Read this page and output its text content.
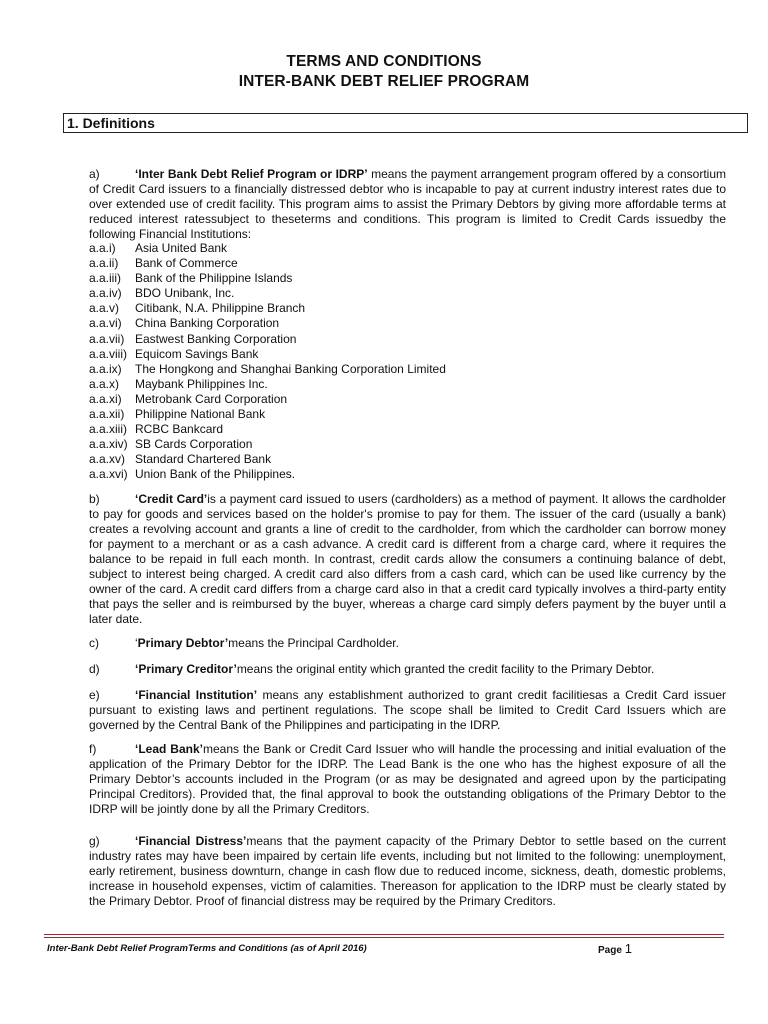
TERMS AND CONDITIONS
INTER-BANK DEBT RELIEF PROGRAM
1. Definitions

a)	‘Inter Bank Debt Relief Program or IDRP’ means the payment arrangement program offered by a consortium of Credit Card issuers to a financially distressed debtor who is incapable to pay at current industry interest rates due to over extended use of credit facility. This program aims to assist the Primary Debtors by giving more affordable terms at reduced interest ratessubject to theseterms and conditions. This program is limited to Credit Cards issuedby the following Financial Institutions:

a.a.i)	Asia United Bank
a.a.ii)	Bank of Commerce
a.a.iii)	Bank of the Philippine Islands
a.a.iv)	BDO Unibank, Inc.
a.a.v)	Citibank, N.A. Philippine Branch
a.a.vi)	China Banking Corporation
a.a.vii) Eastwest Banking Corporation
a.a.viii) Equicom Savings Bank
a.a.ix)	The Hongkong and Shanghai Banking Corporation Limited
a.a.x)	Maybank Philippines Inc.
a.a.xi)	Metrobank Card Corporation
a.a.xii) Philippine National Bank
a.a.xiii) RCBC Bankcard
a.a.xiv) SB Cards Corporation
a.a.xv) Standard Chartered Bank
a.a.xvi) Union Bank of the Philippines.

b)	‘Credit Card’is a payment card issued to users (cardholders) as a method of payment. It allows the cardholder to pay for goods and services based on the holder's promise to pay for them. The issuer of the card (usually a bank) creates a revolving account and grants a line of credit to the cardholder, from which the cardholder can borrow money for payment to a merchant or as a cash advance. A credit card is different from a charge card, where it requires the balance to be repaid in full each month. In contrast, credit cards allow the consumers a continuing balance of debt, subject to interest being charged. A credit card also differs from a cash card, which can be used like currency by the owner of the card. A credit card differs from a charge card also in that a credit card typically involves a third-party entity that pays the seller and is reimbursed by the buyer, whereas a charge card simply defers payment by the buyer until a later date.

c)	‘Primary Debtor’means the Principal Cardholder.

d)	‘Primary Creditor’means the original entity which granted the credit facility to the Primary Debtor.

e)	‘Financial Institution’ means any establishment authorized to grant credit facilitiesas a Credit Card issuer pursuant to existing laws and pertinent regulations. The scope shall be limited to Credit Card Issuers which are governed by the Central Bank of the Philippines and participating in the IDRP.

f)	‘Lead Bank’means the Bank or Credit Card Issuer who will handle the processing and initial evaluation of the application of the Primary Debtor for the IDRP. The Lead Bank is the one who has the highest exposure of all the Primary Debtor’s accounts included in the Program (or as may be designated and agreed upon by the participating Principal Creditors). Provided that, the final approval to book the outstanding obligations of the Primary Debtor to the IDRP will be jointly done by all the Primary Creditors.

g)	‘Financial Distress’means that the payment capacity of the Primary Debtor to settle based on the current industry rates may have been impaired by certain life events, including but not limited to the following: unemployment, early retirement, business downturn, change in cash flow due to reduced income, sickness, death, domestic problems, increase in household expenses, victim of calamities. Thereason for application to the IDRP must be clearly stated by the Primary Debtor. Proof of financial distress may be required by the Primary Creditors.

Inter-Bank Debt Relief ProgramTerms and Conditions (as of April 2016)	Page 1
